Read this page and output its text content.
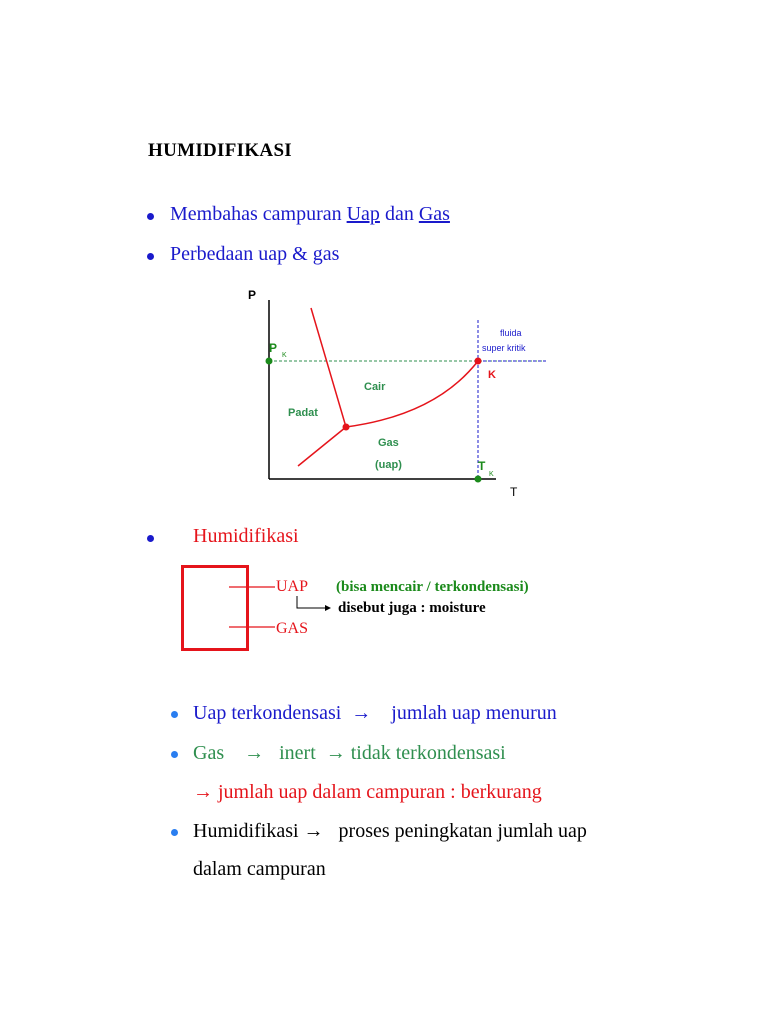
HUMIDIFIKASI
Membahas campuran Uap dan Gas
Perbedaan uap & gas
P
T
P
K
T
K
K
Cair
Padat
Gas
(uap)
fluida
super kritik
Humidifikasi
UAP
GAS
(bisa mencair / terkondensasi)
disebut juga : moisture
Uap terkondensasi  →    jumlah uap menurun
Gas    →   inert  → tidak terkondensasi
→ jumlah uap dalam campuran : berkurang
Humidifikasi →   proses peningkatan jumlah uap
dalam campuran
